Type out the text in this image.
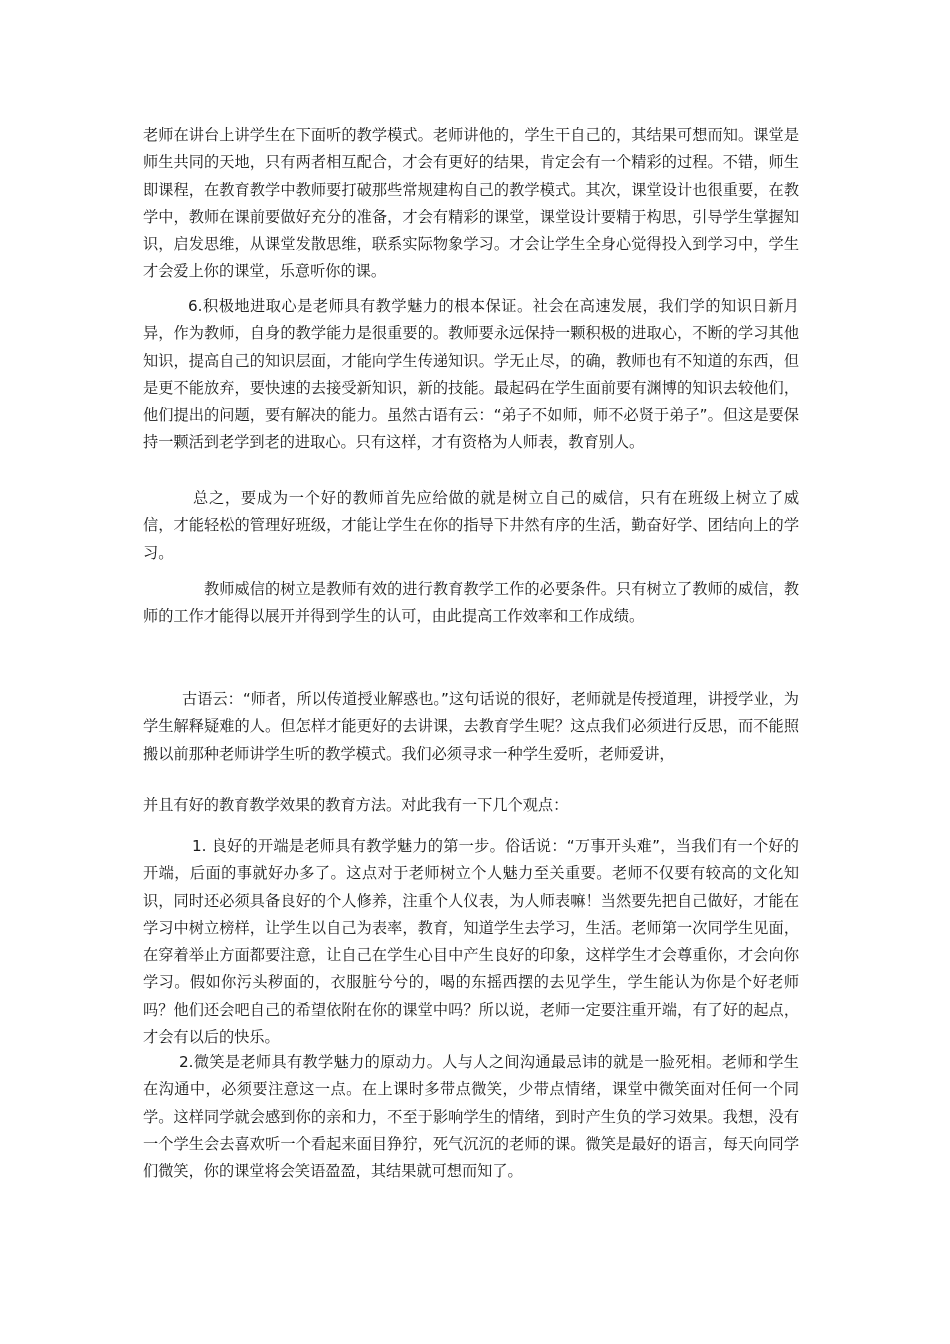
老师在讲台上讲学生在下面听的教学模式。老师讲他的，学生干自己的，其结果可想而知。课堂是师生共同的天地，只有两者相互配合，才会有更好的结果，肯定会有一个精彩的过程。不错，师生即课程，在教育教学中教师要打破那些常规建构自己的教学模式。其次，课堂设计也很重要，在教学中，教师在课前要做好充分的准备，才会有精彩的课堂，课堂设计要精于构思，引导学生掌握知识，启发思维，从课堂发散思维，联系实际物象学习。才会让学生全身心觉得投入到学习中，学生才会爱上你的课堂，乐意听你的课。

6.积极地进取心是老师具有教学魅力的根本保证。社会在高速发展，我们学的知识日新月异，作为教师，自身的教学能力是很重要的。教师要永远保持一颗积极的进取心，不断的学习其他知识，提高自己的知识层面，才能向学生传递知识。学无止尽，的确，教师也有不知道的东西，但是更不能放弃，要快速的去接受新知识，新的技能。最起码在学生面前要有渊博的知识去较他们，他们提出的问题，要有解决的能力。虽然古语有云：“弟子不如师，师不必贤于弟子”。但这是要保持一颗活到老学到老的进取心。只有这样，才有资格为人师表，教育别人。

总之，要成为一个好的教师首先应给做的就是树立自己的威信，只有在班级上树立了威信，才能轻松的管理好班级，才能让学生在你的指导下井然有序的生活，勤奋好学、团结向上的学习。

教师威信的树立是教师有效的进行教育教学工作的必要条件。只有树立了教师的威信，教师的工作才能得以展开并得到学生的认可，由此提高工作效率和工作成绩。

古语云：“师者，所以传道授业解惑也。”这句话说的很好，老师就是传授道理，讲授学业，为学生解释疑难的人。但怎样才能更好的去讲课，去教育学生呢？这点我们必须进行反思，而不能照搬以前那种老师讲学生听的教学模式。我们必须寻求一种学生爱听，老师爱讲，

并且有好的教育教学效果的教育方法。对此我有一下几个观点：

1. 良好的开端是老师具有教学魅力的第一步。俗话说：“万事开头难”，当我们有一个好的开端，后面的事就好办多了。这点对于老师树立个人魅力至关重要。老师不仅要有较高的文化知识，同时还必须具备良好的个人修养，注重个人仪表，为人师表嘛！当然要先把自己做好，才能在学习中树立榜样，让学生以自己为表率，教育，知道学生去学习，生活。老师第一次同学生见面，在穿着举止方面都要注意，让自己在学生心目中产生良好的印象，这样学生才会尊重你，才会向你学习。假如你污头秽面的，衣服脏兮兮的，喝的东摇西摆的去见学生，学生能认为你是个好老师吗？他们还会吧自己的希望依附在你的课堂中吗？所以说，老师一定要注重开端，有了好的起点，才会有以后的快乐。

2.微笑是老师具有教学魅力的原动力。人与人之间沟通最忌讳的就是一脸死相。老师和学生在沟通中，必须要注意这一点。在上课时多带点微笑，少带点情绪，课堂中微笑面对任何一个同学。这样同学就会感到你的亲和力，不至于影响学生的情绪，到时产生负的学习效果。我想，没有一个学生会去喜欢听一个看起来面目狰狞，死气沉沉的老师的课。微笑是最好的语言，每天向同学们微笑，你的课堂将会笑语盈盈，其结果就可想而知了。
